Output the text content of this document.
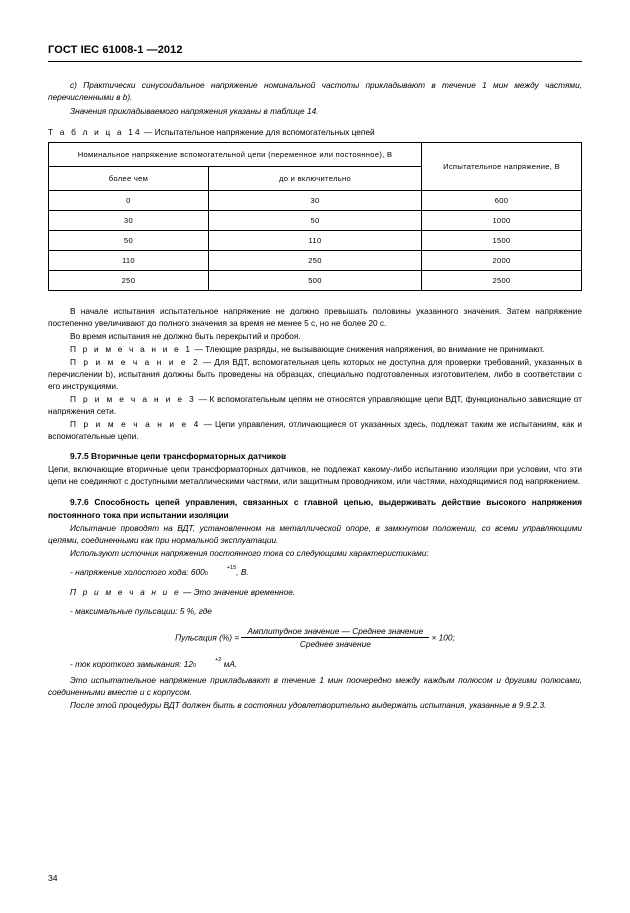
ГОСТ IEC 61008-1 —2012

c) Практически синусоидальное напряжение номинальной частоты прикладывают в течение 1 мин между частями, перечисленными в b).

Значения прикладываемого напряжения указаны в таблице 14.

Т а б л и ц а 14 — Испытательное напряжение для вспомогательных цепей
Номинальное напряжение вспомогательной цепи (переменное или постоянное), В		Испытательное напряжение, В
более чем	до и включительно	
0	30	600
30	50	1000
50	110	1500
110	250	2000
250	500	2500

В начале испытания испытательное напряжение не должно превышать половины указанного значения. Затем напряжение постепенно увеличивают до полного значения за время не менее 5 с, но не более 20 с.

Во время испытания не должно быть перекрытий и пробоя.

П р и м е ч а н и е 1 — Тлеющие разряды, не вызывающие снижения напряжения, во внимание не принимают.

П р и м е ч а н и е 2 — Для ВДТ, вспомогательная цепь которых не доступна для проверки требований, указанных в перечислении b), испытания должны быть проведены на образцах, специально подготовленных изготовителем, либо в соответствии с его инструкциями.

П р и м е ч а н и е 3 — К вспомогательным цепям не относятся управляющие цепи ВДТ, функционально зависящие от напряжения сети.

П р и м е ч а н и е 4 — Цепи управления, отличающиеся от указанных здесь, подлежат таким же испытаниям, как и вспомогательные цепи.

9.7.5 Вторичные цепи трансформаторных датчиков

Цепи, включающие вторичные цепи трансформаторных датчиков, не подлежат какому-либо испытанию изоляции при условии, что эти цепи не соединяют с доступными металлическими частями, или защитным проводником, или частями, находящимися под напряжением.

9.7.6 Способность цепей управления, связанных с главной цепью, выдерживать действие высокого напряжения постоянного тока при испытании изоляции

Испытание проводят на ВДТ, установленном на металлической опоре, в замкнутом положении, со всеми управляющими цепями, соединенными как при нормальной эксплуатации.

Используют источник напряжения постоянного тока со следующими характеристиками:

- напряжение холостого хода: 600	+15
0	, В.

П р и м е ч а н и е — Это значение временное.

- максимальные пульсации: 5 %, где

Пульсация (%) = $\frac{\text{Амплитудное значение — Среднее значение}}{\text{Среднее значение}} \times 100$;

- ток короткого замыкания: 12	+2
0	мА.

Это испытательное напряжение прикладывают в течение 1 мин поочередно между каждым полюсом и другими полюсами, соединенными вместе и с корпусом.

После этой процедуры ВДТ должен быть в состоянии удовлетворительно выдержать испытания, указанные в 9.9.2.3.

34
